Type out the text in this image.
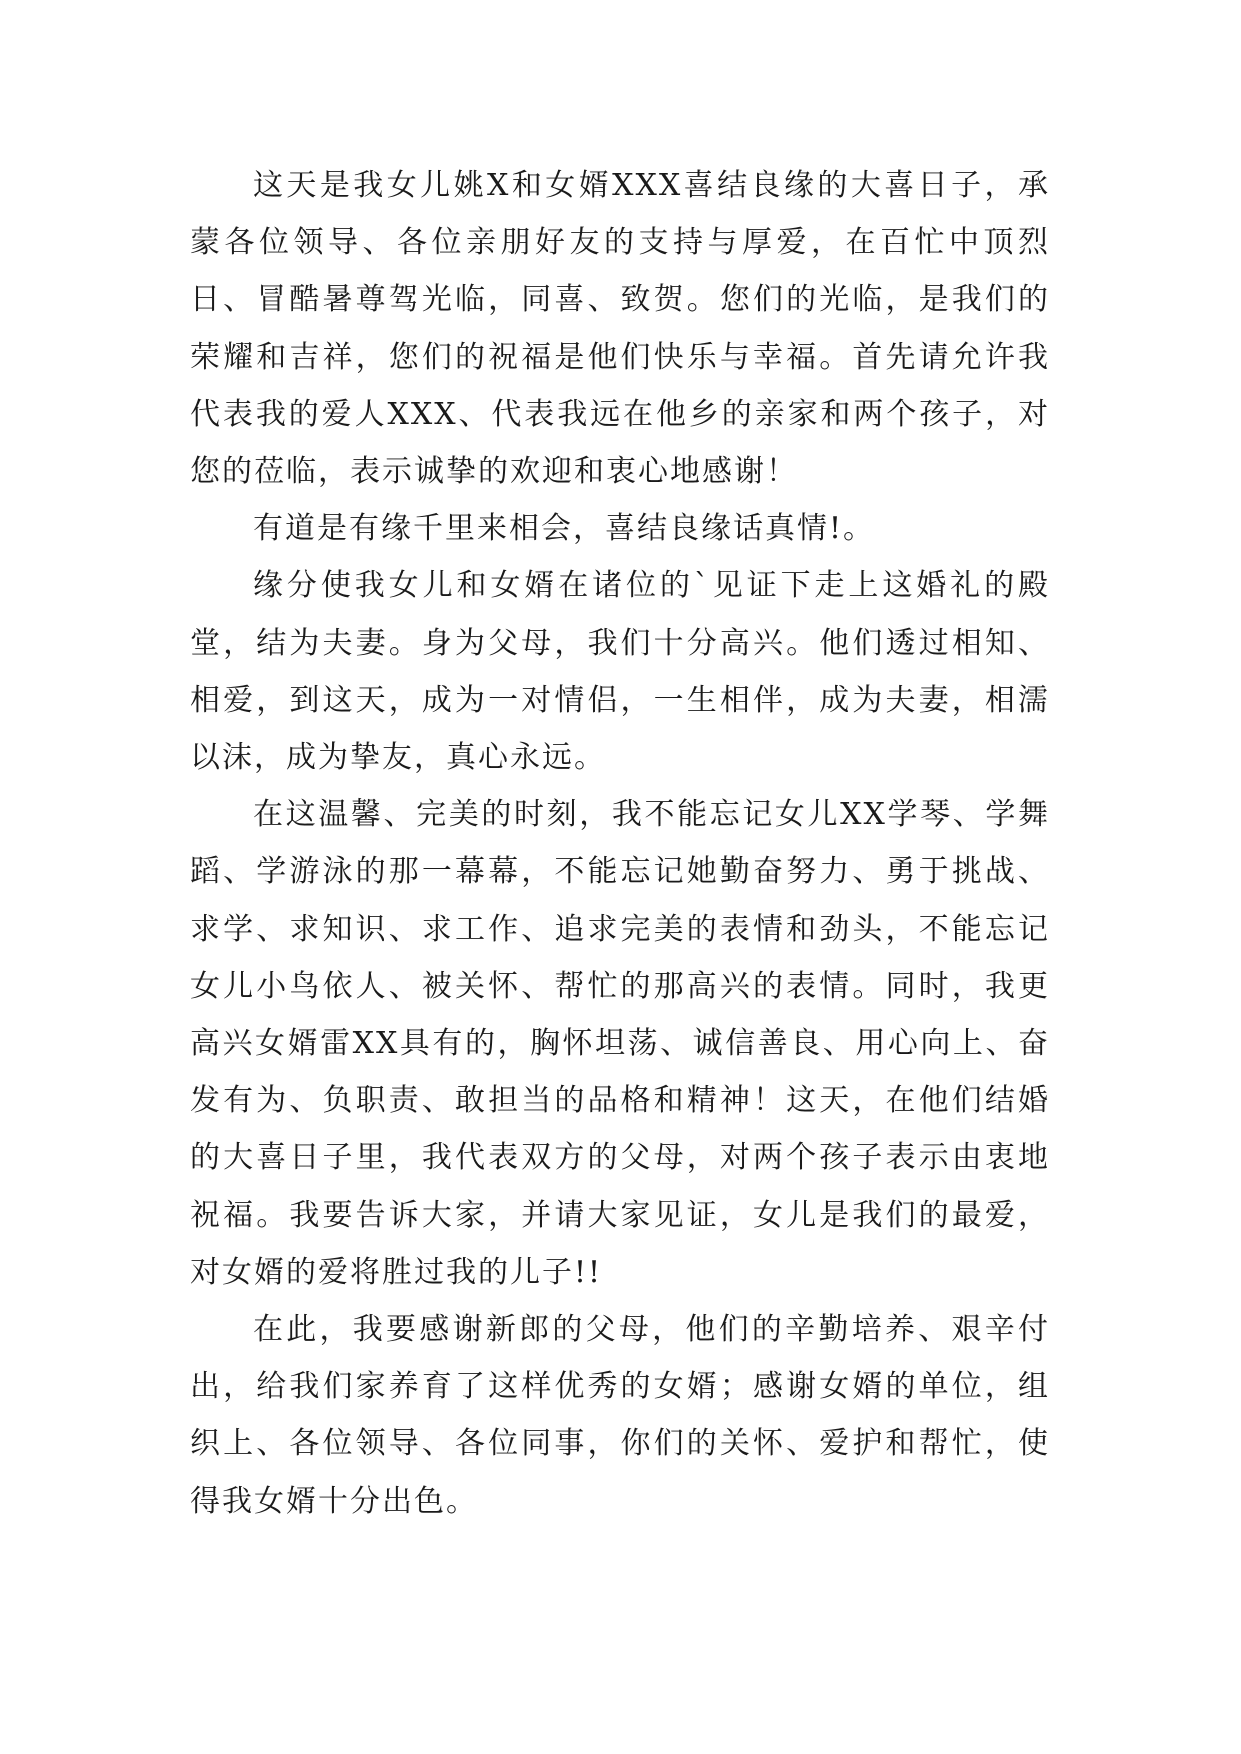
这天是我女儿姚X和女婿XXX喜结良缘的大喜日子，承蒙各位领导、各位亲朋好友的支持与厚爱，在百忙中顶烈日、冒酷暑尊驾光临，同喜、致贺。您们的光临，是我们的荣耀和吉祥，您们的祝福是他们快乐与幸福。首先请允许我代表我的爱人XXX、代表我远在他乡的亲家和两个孩子，对您的莅临，表示诚挚的欢迎和衷心地感谢！

有道是有缘千里来相会，喜结良缘话真情!。

缘分使我女儿和女婿在诸位的`见证下走上这婚礼的殿堂，结为夫妻。身为父母，我们十分高兴。他们透过相知、相爱，到这天，成为一对情侣，一生相伴，成为夫妻，相濡以沫，成为挚友，真心永远。

在这温馨、完美的时刻，我不能忘记女儿XX学琴、学舞蹈、学游泳的那一幕幕，不能忘记她勤奋努力、勇于挑战、求学、求知识、求工作、追求完美的表情和劲头，不能忘记女儿小鸟依人、被关怀、帮忙的那高兴的表情。同时，我更高兴女婿雷XX具有的，胸怀坦荡、诚信善良、用心向上、奋发有为、负职责、敢担当的品格和精神！这天，在他们结婚的大喜日子里，我代表双方的父母，对两个孩子表示由衷地祝福。我要告诉大家，并请大家见证，女儿是我们的最爱，对女婿的爱将胜过我的儿子!!

在此，我要感谢新郎的父母，他们的辛勤培养、艰辛付出，给我们家养育了这样优秀的女婿；感谢女婿的单位，组织上、各位领导、各位同事，你们的关怀、爱护和帮忙，使得我女婿十分出色。
